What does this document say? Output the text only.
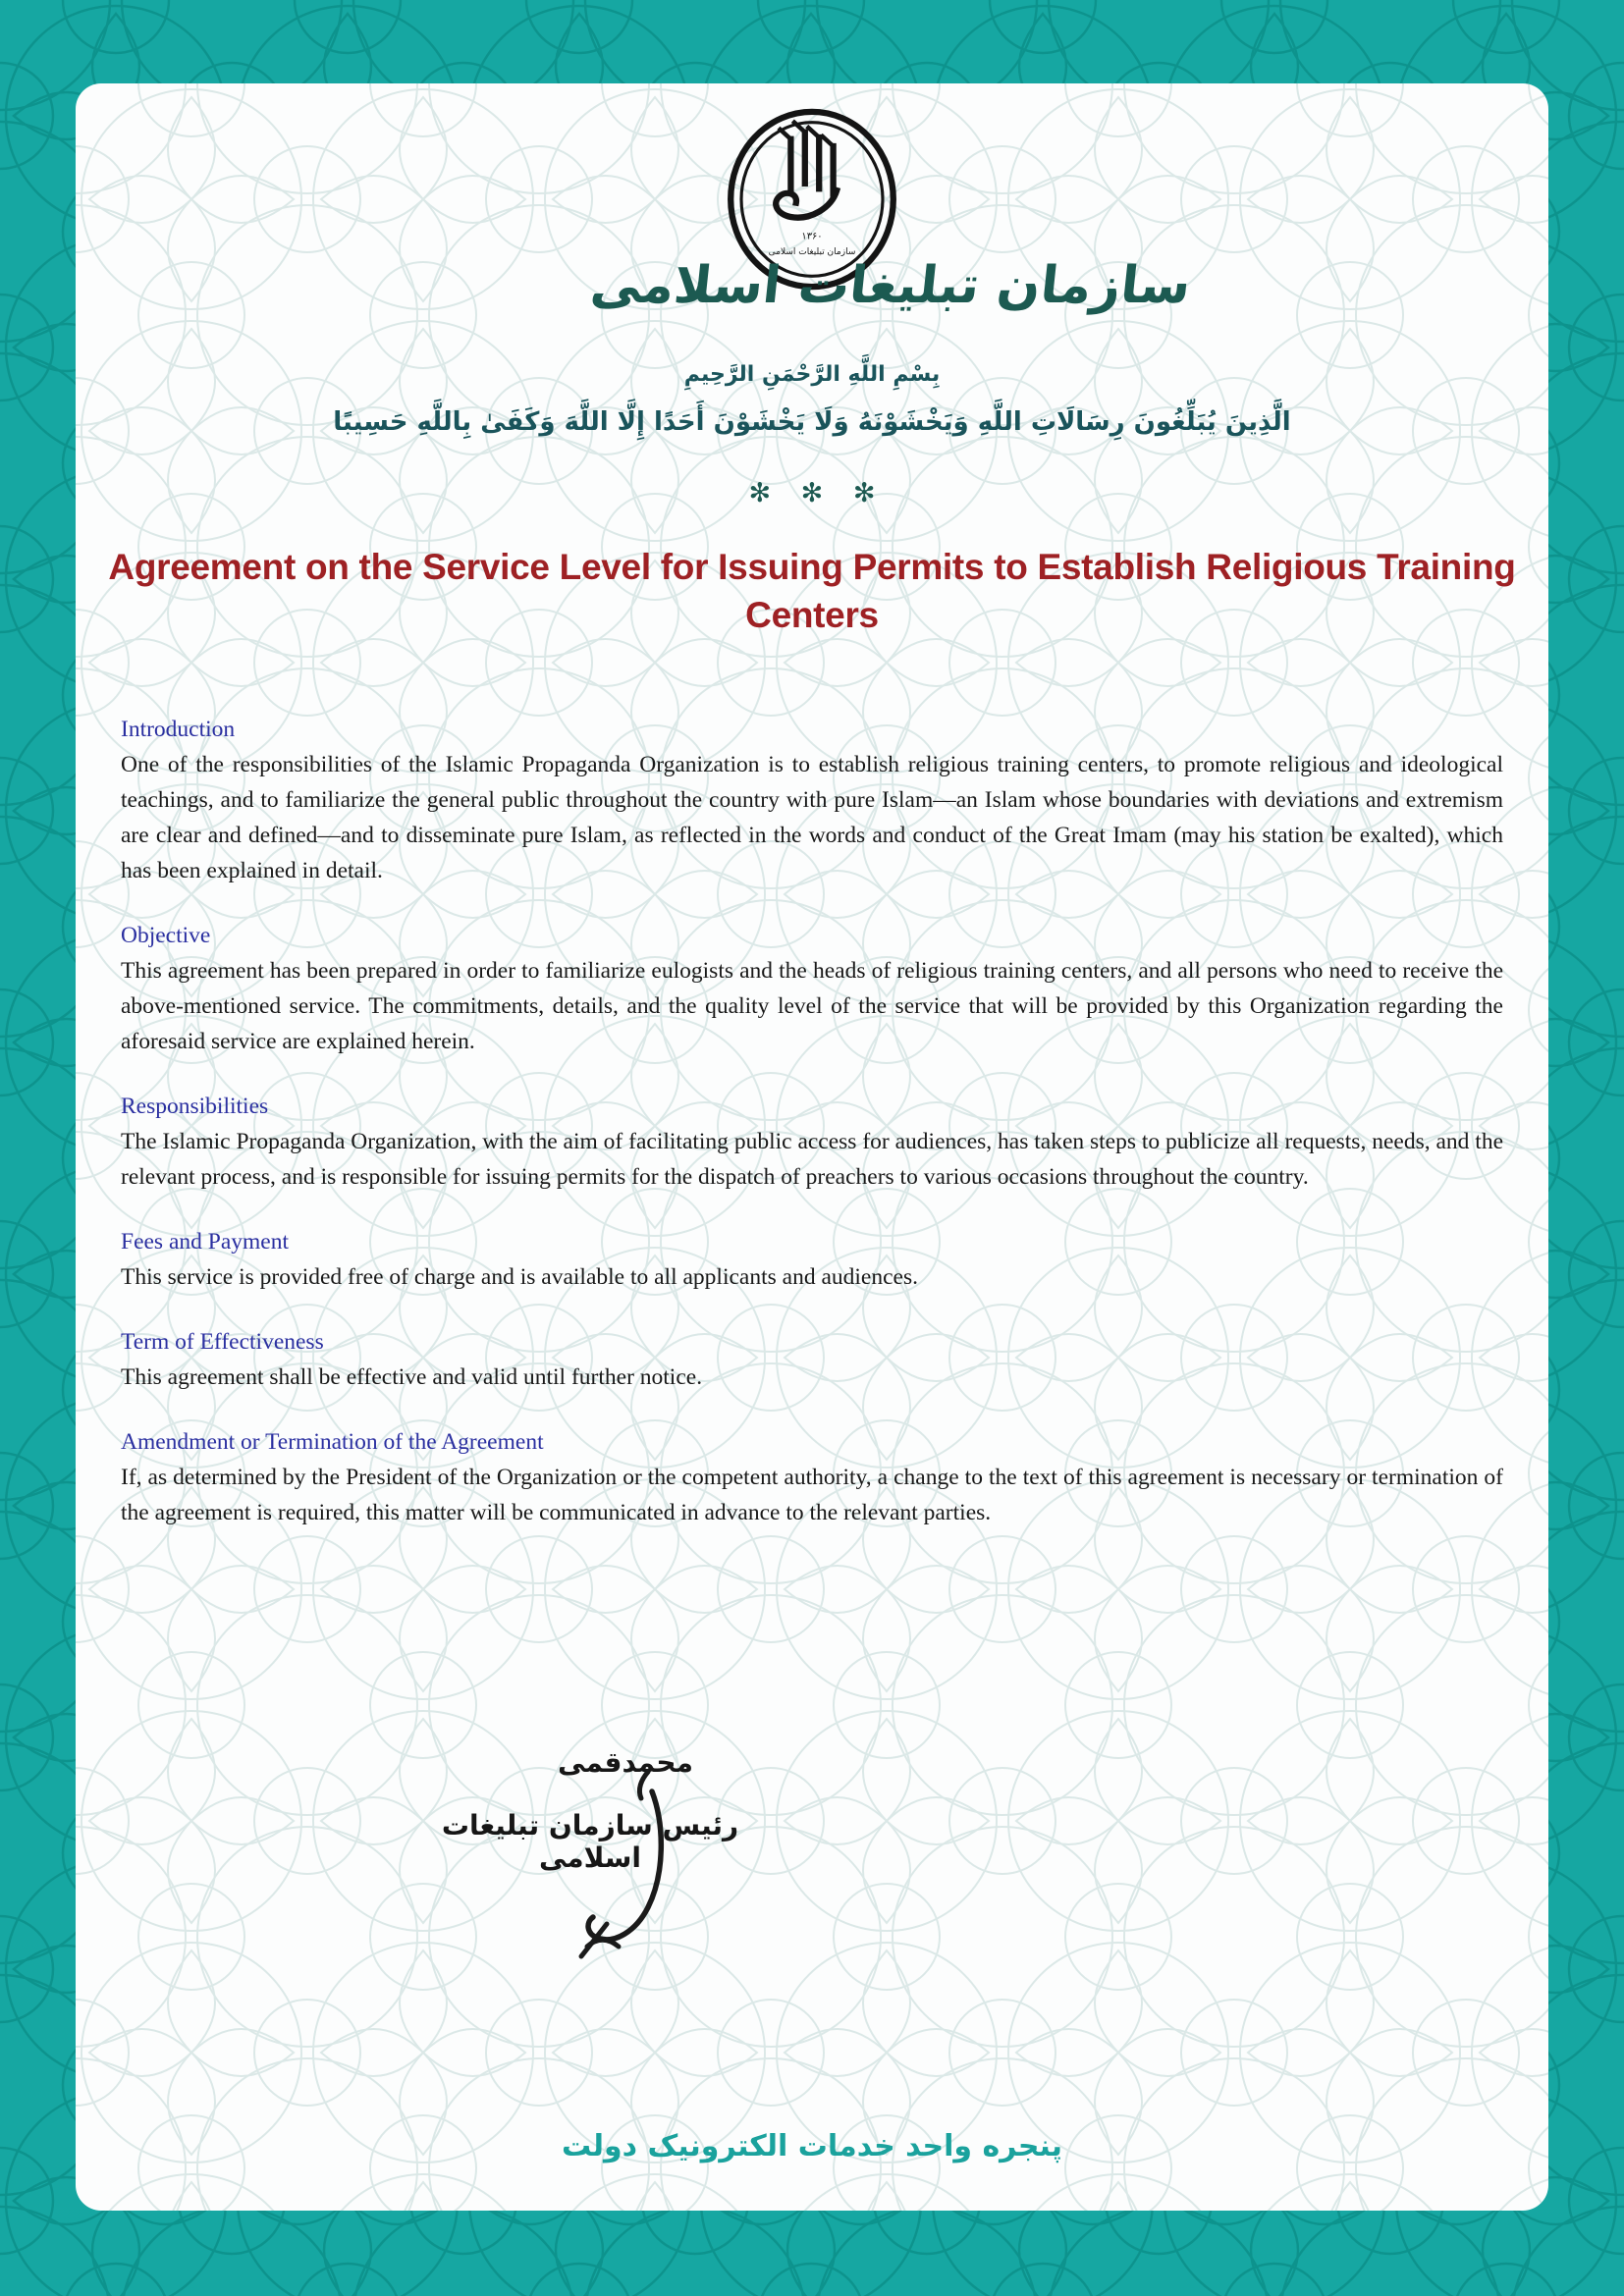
۱۳۶۰
سازمان تبلیغات اسلامی
سازمان تبلیغات اسلامی
بِسْمِ اللَّهِ الرَّحْمَنِ الرَّحِيمِ
الَّذِينَ يُبَلِّغُونَ رِسَالَاتِ اللَّهِ وَيَخْشَوْنَهُ وَلَا يَخْشَوْنَ أَحَدًا إِلَّا اللَّهَ وَكَفَىٰ بِاللَّهِ حَسِيبًا
✻ ✻ ✻
Agreement on the Service Level for Issuing Permits to Establish Religious Training Centers
Introduction

One of the responsibilities of the Islamic Propaganda Organization is to establish religious training centers, to promote religious and ideological teachings, and to familiarize the general public throughout the country with pure Islam—an Islam whose boundaries with deviations and extremism are clear and defined—and to disseminate pure Islam, as reflected in the words and conduct of the Great Imam (may his station be exalted), which has been explained in detail.

Objective

This agreement has been prepared in order to familiarize eulogists and the heads of religious training centers, and all persons who need to receive the above-mentioned service. The commitments, details, and the quality level of the service that will be provided by this Organization regarding the aforesaid service are explained herein.

Responsibilities

The Islamic Propaganda Organization, with the aim of facilitating public access for audiences, has taken steps to publicize all requests, needs, and the relevant process, and is responsible for issuing permits for the dispatch of preachers to various occasions throughout the country.

Fees and Payment

This service is provided free of charge and is available to all applicants and audiences.

Term of Effectiveness

This agreement shall be effective and valid until further notice.

Amendment or Termination of the Agreement

If, as determined by the President of the Organization or the competent authority, a change to the text of this agreement is necessary or termination of the agreement is required, this matter will be communicated in advance to the relevant parties.

محمدقمی
رئیس سازمان تبلیغات اسلامی
پنجره واحد خدمات الکترونیک دولت
